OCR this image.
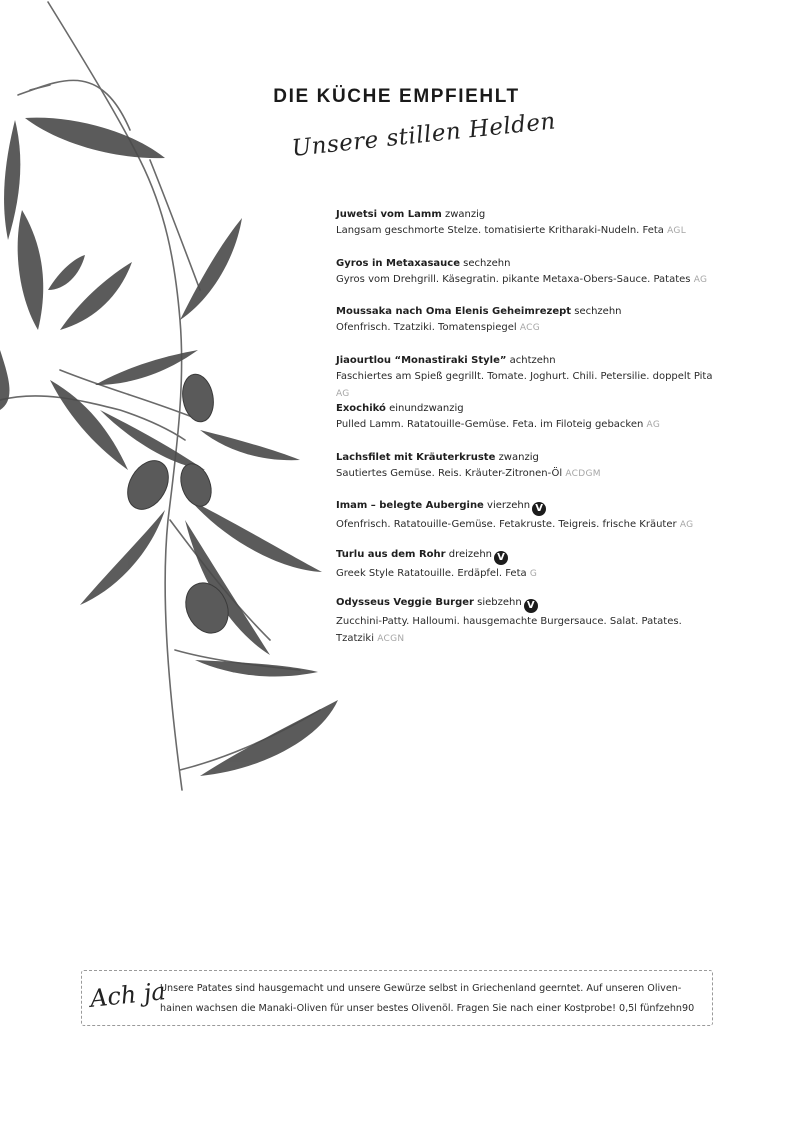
DIE KÜCHE EMPFIEHLT
Unsere stillen Helden
Juwetsi vom Lamm zwanzig
Langsam geschmorte Stelze. tomatisierte Kritharaki-Nudeln. Feta AGL
Gyros in Metaxasauce sechzehn
Gyros vom Drehgrill. Käsegratin. pikante Metaxa-Obers-Sauce. Patates AG
Moussaka nach Oma Elenis Geheimrezept sechzehn
Ofenfrisch. Tzatziki. Tomatenspiegel ACG
Jiaourtlou “Monastiraki Style” achtzehn
Faschiertes am Spieß gegrillt. Tomate. Joghurt. Chili. Petersilie. doppelt Pita AG
Exochikó einundzwanzig
Pulled Lamm. Ratatouille-Gemüse. Feta. im Filoteig gebacken AG
Lachsfilet mit Kräuterkruste zwanzig
Sautiertes Gemüse. Reis. Kräuter-Zitronen-Öl ACDGM
Imam – belegte Aubergine vierzehn V
Ofenfrisch. Ratatouille-Gemüse. Fetakruste. Teigreis. frische Kräuter AG
Turlu aus dem Rohr dreizehn V
Greek Style Ratatouille. Erdäpfel. Feta G
Odysseus Veggie Burger siebzehn V
Zucchini-Patty. Halloumi. hausgemachte Burgersauce. Salat. Patates. Tzatziki ACGN
Ach ja
Unsere Patates sind hausgemacht und unsere Gewürze selbst in Griechenland geerntet. Auf unseren Oliven-
hainen wachsen die Manaki-Oliven für unser bestes Olivenöl. Fragen Sie nach einer Kostprobe! 0,5l fünfzehn90
